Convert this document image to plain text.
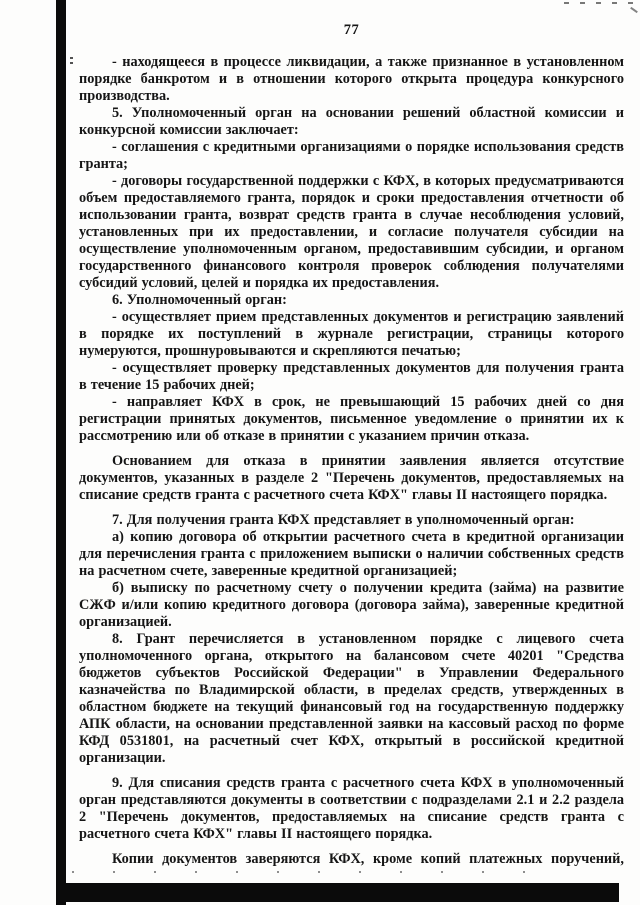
77

- находящееся в процессе ликвидации, а также признанное в установленном порядке банкротом и в отношении которого открыта процедура конкурсного производства.

5. Уполномоченный орган на основании решений областной комиссии и конкурсной комиссии заключает:

- соглашения с кредитными организациями о порядке использования средств гранта;

- договоры государственной поддержки с КФХ, в которых предусматриваются объем предоставляемого гранта, порядок и сроки предоставления отчетности об использовании гранта, возврат средств гранта в случае несоблюдения условий, установленных при их предоставлении, и согласие получателя субсидии на осуществление уполномоченным органом, предоставившим субсидии, и органом государственного финансового контроля проверок соблюдения получателями субсидий условий, целей и порядка их предоставления.

6. Уполномоченный орган:

- осуществляет прием представленных документов и регистрацию заявлений в порядке их поступлений в журнале регистрации, страницы которого нумеруются, прошнуровываются и скрепляются печатью;

- осуществляет проверку представленных документов для получения гранта в течение 15 рабочих дней;

- направляет КФХ в срок, не превышающий 15 рабочих дней со дня регистрации принятых документов, письменное уведомление о принятии их к рассмотрению или об отказе в принятии с указанием причин отказа.

Основанием для отказа в принятии заявления является отсутствие документов, указанных в разделе 2 "Перечень документов, предоставляемых на списание средств гранта с расчетного счета КФХ" главы II настоящего порядка.

7. Для получения гранта КФХ представляет в уполномоченный орган:

а) копию договора об открытии расчетного счета в кредитной организации для перечисления гранта с приложением выписки о наличии собственных средств на расчетном счете, заверенные кредитной организацией;

б) выписку по расчетному счету о получении кредита (займа) на развитие СЖФ и/или копию кредитного договора (договора займа), заверенные кредитной организацией.

8. Грант перечисляется в установленном порядке с лицевого счета уполномоченного органа, открытого на балансовом счете 40201 "Средства бюджетов субъектов Российской Федерации" в Управлении Федерального казначейства по Владимирской области, в пределах средств, утвержденных в областном бюджете на текущий финансовый год на государственную поддержку АПК области, на основании представленной заявки на кассовый расход по форме КФД 0531801, на расчетный счет КФХ, открытый в российской кредитной организации.

9. Для списания средств гранта с расчетного счета КФХ в уполномоченный орган представляются документы в соответствии с подразделами 2.1 и 2.2 раздела 2 "Перечень документов, предоставляемых на списание средств гранта с расчетного счета КФХ" главы II настоящего порядка.

Копии документов заверяются КФХ, кроме копий платежных поручений,
